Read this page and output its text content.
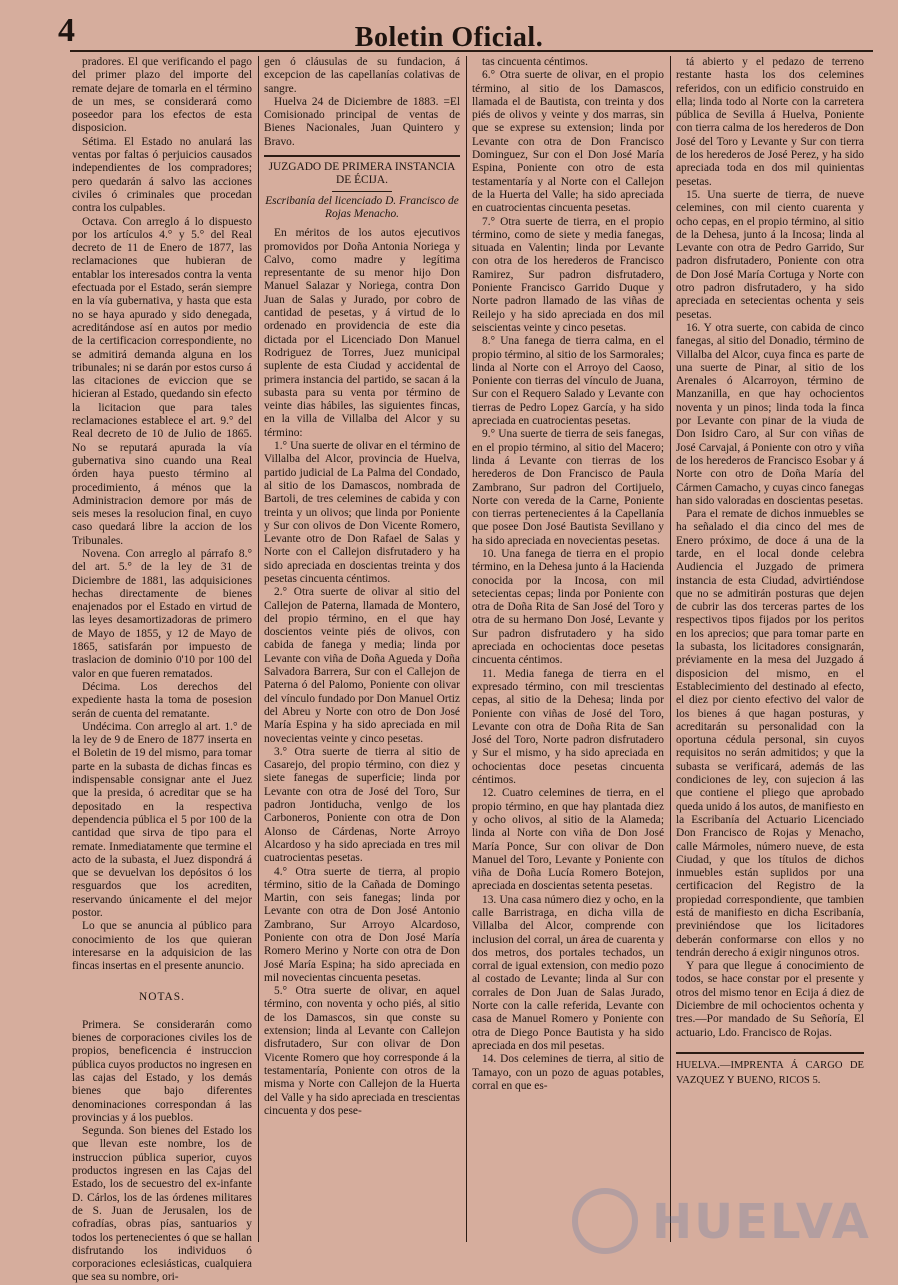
4	Boletin Oficial.

pradores. El que verificando el pago del primer plazo del importe del remate dejare de tomarla en el término de un mes, se considerará como poseedor para los efectos de esta disposicion.

Sétima. El Estado no anulará las ventas por faltas ó perjuicios causados independientes de los compradores; pero quedarán á salvo las acciones civiles ó criminales que procedan contra los culpables.

Octava. Con arreglo á lo dispuesto por los artículos 4.° y 5.° del Real decreto de 11 de Enero de 1877, las reclamaciones que hubieran de entablar los interesados contra la venta efectuada por el Estado, serán siempre en la vía gubernativa, y hasta que esta no se haya apurado y sido denegada, acreditándose así en autos por medio de la certificacion correspondiente, no se admitirá demanda alguna en los tribunales; ni se darán por estos curso á las citaciones de eviccion que se hicieran al Estado, quedando sin efecto la licitacion que para tales reclamaciones establece el art. 9.° del Real decreto de 10 de Julio de 1865. No se reputará apurada la vía gubernativa sino cuando una Real órden haya puesto término al procedimiento, á ménos que la Administracion demore por más de seis meses la resolucion final, en cuyo caso quedará libre la accion de los Tribunales.

Novena. Con arreglo al párrafo 8.° del art. 5.° de la ley de 31 de Diciembre de 1881, las adquisiciones hechas directamente de bienes enajenados por el Estado en virtud de las leyes desamortizadoras de primero de Mayo de 1855, y 12 de Mayo de 1865, satisfarán por impuesto de traslacion de dominio 0'10 por 100 del valor en que fueren rematados.

Décima. Los derechos del expediente hasta la toma de posesion serán de cuenta del rematante.

Undécima. Con arreglo al art. 1.° de la ley de 9 de Enero de 1877 inserta en el Boletin de 19 del mismo, para tomar parte en la subasta de dichas fincas es indispensable consignar ante el Juez que la presida, ó acreditar que se ha depositado en la respectiva dependencia pública el 5 por 100 de la cantidad que sirva de tipo para el remate. Inmediatamente que termine el acto de la subasta, el Juez dispondrá á que se devuelvan los depósitos ó los resguardos que los acrediten, reservando únicamente el del mejor postor.

Lo que se anuncia al público para conocimiento de los que quieran interesarse en la adquisicion de las fincas insertas en el presente anuncio.

NOTAS.

Primera. Se considerarán como bienes de corporaciones civiles los de propios, beneficencia é instruccion pública cuyos productos no ingresen en las cajas del Estado, y los demás bienes que bajo diferentes denominaciones correspondan á las provincias y á los pueblos.

Segunda. Son bienes del Estado los que llevan este nombre, los de instruccion pública superior, cuyos productos ingresen en las Cajas del Estado, los de secuestro del ex-infante D. Cárlos, los de las órdenes militares de S. Juan de Jerusalen, los de cofradías, obras pías, santuarios y todos los pertenecientes ó que se hallan disfrutando los individuos ó corporaciones eclesiásticas, cualquiera que sea su nombre, ori-

gen ó cláusulas de su fundacion, á excepcion de las capellanías colativas de sangre.

Huelva 24 de Diciembre de 1883. =El Comisionado principal de ventas de Bienes Nacionales, Juan Quintero y Bravo.

JUZGADO DE PRIMERA INSTANCIA DE ÉCIJA.
Escribanía del licenciado D. Francisco de Rojas Menacho.

En méritos de los autos ejecutivos promovidos por Doña Antonia Noriega y Calvo, como madre y legítima representante de su menor hijo Don Manuel Salazar y Noriega, contra Don Juan de Salas y Jurado, por cobro de cantidad de pesetas, y á virtud de lo ordenado en providencia de este dia dictada por el Licenciado Don Manuel Rodriguez de Torres, Juez municipal suplente de esta Ciudad y accidental de primera instancia del partido, se sacan á la subasta para su venta por término de veinte dias hábiles, las siguientes fincas, en la villa de Villalba del Alcor y su término:

1.° Una suerte de olivar en el término de Villalba del Alcor, provincia de Huelva, partido judicial de La Palma del Condado, al sitio de los Damascos, nombrada de Bartoli, de tres celemines de cabida y con treinta y un olivos; que linda por Poniente y Sur con olivos de Don Vicente Romero, Levante otro de Don Rafael de Salas y Norte con el Callejon disfrutadero y ha sido apreciada en doscientas treinta y dos pesetas cincuenta céntimos.

2.° Otra suerte de olivar al sitio del Callejon de Paterna, llamada de Montero, del propio término, en el que hay doscientos veinte piés de olivos, con cabida de fanega y media; linda por Levante con viña de Doña Agueda y Doña Salvadora Barrera, Sur con el Callejon de Paterna ó del Palomo, Poniente con olivar del vínculo fundado por Don Manuel Ortiz del Abreu y Norte con otro de Don José María Espina y ha sido apreciada en mil novecientas veinte y cinco pesetas.

3.° Otra suerte de tierra al sitio de Casarejo, del propio término, con diez y siete fanegas de superficie; linda por Levante con otra de José del Toro, Sur padron Jontiducha, venlgo de los Carboneros, Poniente con otra de Don Alonso de Cárdenas, Norte Arroyo Alcardoso y ha sido apreciada en tres mil cuatrocientas pesetas.

4.° Otra suerte de tierra, al propio término, sitio de la Cañada de Domingo Martin, con seis fanegas; linda por Levante con otra de Don José Antonio Zambrano, Sur Arroyo Alcardoso, Poniente con otra de Don José María Romero Merino y Norte con otra de Don José María Espina; ha sido apreciada en mil novecientas cincuenta pesetas.

5.° Otra suerte de olivar, en aquel término, con noventa y ocho piés, al sitio de los Damascos, sin que conste su extension; linda al Levante con Callejon disfrutadero, Sur con olivar de Don Vicente Romero que hoy corresponde á la testamentaría, Poniente con otros de la misma y Norte con Callejon de la Huerta del Valle y ha sido apreciada en trescientas cincuenta y dos pese-

tas cincuenta céntimos.

6.° Otra suerte de olivar, en el propio término, al sitio de los Damascos, llamada el de Bautista, con treinta y dos piés de olivos y veinte y dos marras, sin que se exprese su extension; linda por Levante con otra de Don Francisco Dominguez, Sur con el Don José María Espina, Poniente con otro de esta testamentaría y al Norte con el Callejon de la Huerta del Valle; ha sido apreciada en cuatrocientas cincuenta pesetas.

7.° Otra suerte de tierra, en el propio término, como de siete y media fanegas, situada en Valentin; linda por Levante con otra de los herederos de Francisco Ramirez, Sur padron disfrutadero, Poniente Francisco Garrido Duque y Norte padron llamado de las viñas de Reilejo y ha sido apreciada en dos mil seiscientas veinte y cinco pesetas.

8.° Una fanega de tierra calma, en el propio término, al sitio de los Sarmorales; linda al Norte con el Arroyo del Caoso, Poniente con tierras del vínculo de Juana, Sur con el Requero Salado y Levante con tierras de Pedro Lopez García, y ha sido apreciada en cuatrocientas pesetas.

9.° Una suerte de tierra de seis fanegas, en el propio término, al sitio del Macero; linda á Levante con tierras de los herederos de Don Francisco de Paula Zambrano, Sur padron del Cortijuelo, Norte con vereda de la Carne, Poniente con tierras pertenecientes á la Capellanía que posee Don José Bautista Sevillano y ha sido apreciada en novecientas pesetas.

10. Una fanega de tierra en el propio término, en la Dehesa junto á la Hacienda conocida por la Incosa, con mil setecientas cepas; linda por Poniente con otra de Doña Rita de San José del Toro y otra de su hermano Don José, Levante y Sur padron disfrutadero y ha sido apreciada en ochocientas doce pesetas cincuenta céntimos.

11. Media fanega de tierra en el expresado término, con mil trescientas cepas, al sitio de la Dehesa; linda por Poniente con viñas de José del Toro, Levante con otra de Doña Rita de San José del Toro, Norte padron disfrutadero y Sur el mismo, y ha sido apreciada en ochocientas doce pesetas cincuenta céntimos.

12. Cuatro celemines de tierra, en el propio término, en que hay plantada diez y ocho olivos, al sitio de la Alameda; linda al Norte con viña de Don José María Ponce, Sur con olivar de Don Manuel del Toro, Levante y Poniente con viña de Doña Lucía Romero Botejon, apreciada en doscientas setenta pesetas.

13. Una casa número diez y ocho, en la calle Barristraga, en dicha villa de Villalba del Alcor, comprende con inclusion del corral, un área de cuarenta y dos metros, dos portales techados, un corral de igual extension, con medio pozo al costado de Levante; linda al Sur con corrales de Don Juan de Salas Jurado, Norte con la calle referida, Levante con casa de Manuel Romero y Poniente con otra de Diego Ponce Bautista y ha sido apreciada en dos mil pesetas.

14. Dos celemines de tierra, al sitio de Tamayo, con un pozo de aguas potables, corral en que es-

tá abierto y el pedazo de terreno restante hasta los dos celemines referidos, con un edificio construido en ella; linda todo al Norte con la carretera pública de Sevilla á Huelva, Poniente con tierra calma de los herederos de Don José del Toro y Levante y Sur con tierra de los herederos de José Perez, y ha sido apreciada toda en dos mil quinientas pesetas.

15. Una suerte de tierra, de nueve celemines, con mil ciento cuarenta y ocho cepas, en el propio término, al sitio de la Dehesa, junto á la Incosa; linda al Levante con otra de Pedro Garrido, Sur padron disfrutadero, Poniente con otra de Don José María Cortuga y Norte con otro padron disfrutadero, y ha sido apreciada en setecientas ochenta y seis pesetas.

16. Y otra suerte, con cabida de cinco fanegas, al sitio del Donadio, término de Villalba del Alcor, cuya finca es parte de una suerte de Pinar, al sitio de los Arenales ó Alcarroyon, término de Manzanilla, en que hay ochocientos noventa y un pinos; linda toda la finca por Levante con pinar de la viuda de Don Isidro Caro, al Sur con viñas de José Carvajal, á Poniente con otro y viña de los herederos de Francisco Esobar y á Norte con otro de Doña María del Cármen Camacho, y cuyas cinco fanegas han sido valoradas en doscientas pesetas.

Para el remate de dichos inmuebles se ha señalado el dia cinco del mes de Enero próximo, de doce á una de la tarde, en el local donde celebra Audiencia el Juzgado de primera instancia de esta Ciudad, advirtiéndose que no se admitirán posturas que dejen de cubrir las dos terceras partes de los respectivos tipos fijados por los peritos en los aprecios; que para tomar parte en la subasta, los licitadores consignarán, préviamente en la mesa del Juzgado á disposicion del mismo, en el Establecimiento del destinado al efecto, el diez por ciento efectivo del valor de los bienes á que hagan posturas, y acreditarán su personalidad con la oportuna cédula personal, sin cuyos requisitos no serán admitidos; y que la subasta se verificará, además de las condiciones de ley, con sujecion á las que contiene el pliego que aprobado queda unido á los autos, de manifiesto en la Escribanía del Actuario Licenciado Don Francisco de Rojas y Menacho, calle Mármoles, número nueve, de esta Ciudad, y que los títulos de dichos inmuebles están suplidos por una certificacion del Registro de la propiedad correspondiente, que tambien está de manifiesto en dicha Escribanía, previniéndose que los licitadores deberán conformarse con ellos y no tendrán derecho á exigir ningunos otros.

Y para que llegue á conocimiento de todos, se hace constar por el presente y otros del mismo tenor en Ecija á diez de Diciembre de mil ochocientos ochenta y tres.—Por mandado de Su Señoría, El actuario, Ldo. Francisco de Rojas.

HUELVA.—IMPRENTA Á CARGO DE VAZQUEZ Y BUENO, RICOS 5.
HUELVA
